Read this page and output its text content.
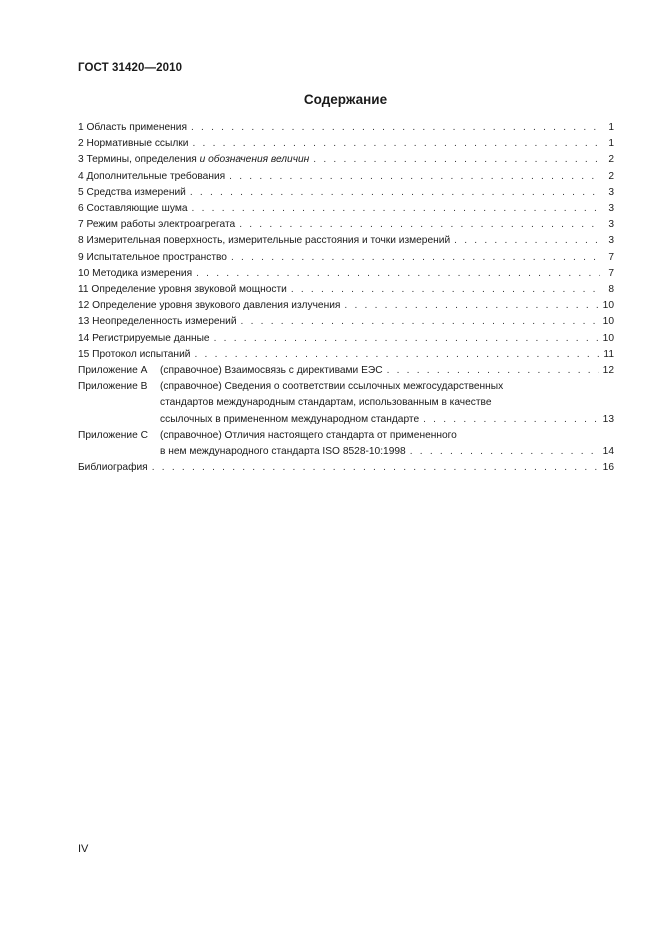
ГОСТ 31420—2010
Содержание
1 Область применения . . .	1
2 Нормативные ссылки . . .	1
3 Термины, определения и обозначения величин . . .	2
4 Дополнительные требования . . .	2
5 Средства измерений . . .	3
6 Составляющие шума . . .	3
7 Режим работы электроагрегата . . .	3
8 Измерительная поверхность, измерительные расстояния и точки измерений . . .	3
9 Испытательное пространство . . .	7
10 Методика измерения . . .	7
11 Определение уровня звуковой мощности . . .	8
12 Определение уровня звукового давления излучения . . .	10
13 Неопределенность измерений . . .	10
14 Регистрируемые данные . . .	10
15 Протокол испытаний . . .	11
Приложение А	(справочное) Взаимосвязь с директивами ЕЭС . . .	12
Приложение В	(справочное) Сведения о соответствии ссылочных межгосударственных
стандартов международным стандартам, использованным в качестве
ссылочных в примененном международном стандарте . . .	13
Приложение С	(справочное) Отличия настоящего стандарта от примененного
в нем международного стандарта ISO 8528-10:1998 . . .	14
Библиография . . .	16
IV
